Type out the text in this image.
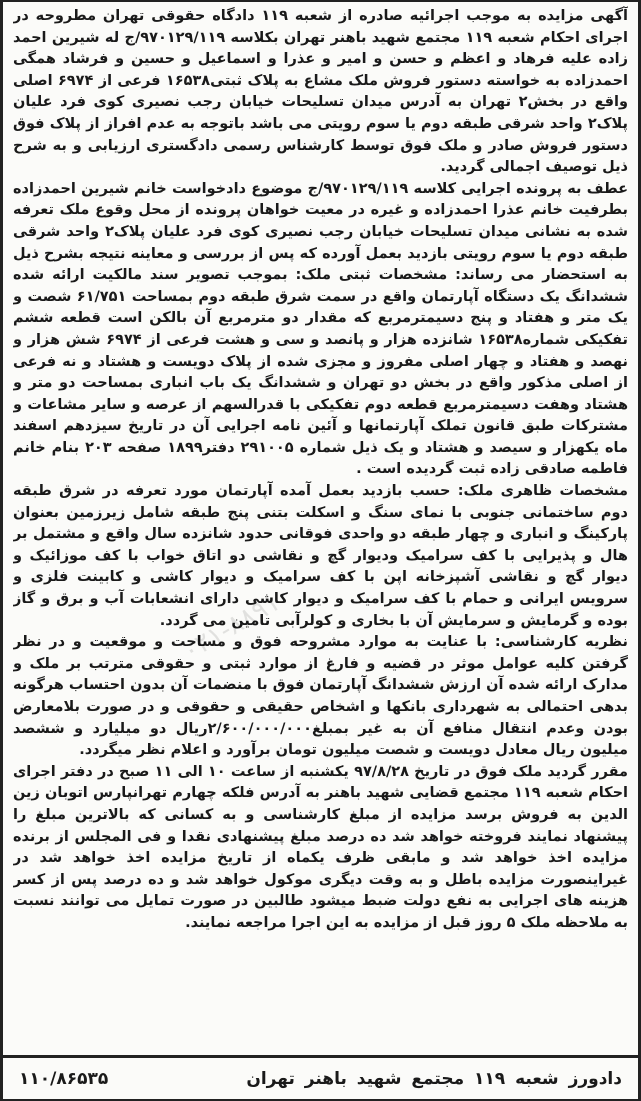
آگهی مزایده به موجب اجرائیه صادره از شعبه ۱۱۹ دادگاه حقوقی تهران مطروحه در اجرای احکام شعبه ۱۱۹ مجتمع شهید باهنر تهران بکلاسه ۹۷۰۱۲۹/۱۱۹/ج له شیرین احمد زاده علیه فرهاد و اعظم و حسن و امیر و عذرا و اسماعیل و حسین و فرشاد همگی احمدزاده به خواسته دستور فروش ملک مشاع به پلاک ثبتی۱۶۵۳۸ فرعی از ۶۹۷۴ اصلی واقع در بخش۲ تهران به آدرس میدان تسلیحات خیابان رجب نصیری کوی فرد علیان پلاک۲ واحد شرقی طبقه دوم یا سوم رویتی می باشد باتوجه به عدم افراز از پلاک فوق دستور فروش صادر و ملک فوق توسط کارشناس رسمی دادگستری ارزیابی و به شرح ذیل توصیف اجمالی گردید.

عطف به پرونده اجرایی کلاسه ۹۷۰۱۲۹/۱۱۹/ج موضوع دادخواست خانم شیرین احمدزاده بطرفیت خانم عذرا احمدزاده و غیره در معیت خواهان پرونده از محل وقوع ملک تعرفه شده به نشانی میدان تسلیحات خیابان رجب نصیری کوی فرد علیان پلاک۲ واحد شرقی طبقه دوم یا سوم رویتی بازدید بعمل آورده که پس از بررسی و معاینه نتیجه بشرح ذیل به استحضار می رساند: مشخصات ثبتی ملک: بموجب تصویر سند مالکیت ارائه شده ششدانگ یک دستگاه آپارتمان واقع در سمت شرق طبقه دوم بمساحت ۶۱/۷۵۱ شصت و یک متر و هفتاد و پنج دسیمترمربع که مقدار دو مترمربع آن بالکن است قطعه ششم تفکیکی شماره۱۶۵۳۸ شانزده هزار و پانصد و سی و هشت فرعی از ۶۹۷۴ شش هزار و نهصد و هفتاد و چهار اصلی مفروز و مجزی شده از پلاک دویست و هشتاد و نه فرعی از اصلی مذکور واقع در بخش دو تهران و ششدانگ یک باب انباری بمساحت دو متر و هشتاد وهفت دسیمترمربع قطعه دوم تفکیکی با قدرالسهم از عرصه و سایر مشاعات و مشترکات طبق قانون تملک آپارتمانها و آئین نامه اجرایی آن در تاریخ سیزدهم اسفند ماه یکهزار و سیصد و هشتاد و یک ذیل شماره ۲۹۱۰۰۵ دفتر۱۸۹۹ صفحه ۲۰۳ بنام خانم فاطمه صادقی زاده ثبت گردیده است .

مشخصات ظاهری ملک: حسب بازدید بعمل آمده آپارتمان مورد تعرفه در شرق طبقه دوم ساختمانی جنوبی با نمای سنگ و اسکلت بتنی پنج طبقه شامل زیرزمین بعنوان پارکینگ و انباری و چهار طبقه دو واحدی فوقانی حدود شانزده سال واقع و مشتمل بر هال و پذیرایی با کف سرامیک ودیوار گچ و نقاشی دو اتاق خواب با کف موزائیک و دیوار گچ و نقاشی آشپزخانه اپن با کف سرامیک و دیوار کاشی و کابینت فلزی و سرویس ایرانی و حمام با کف سرامیک و دیوار کاشی دارای انشعابات آب و برق و گاز بوده و گرمایش و سرمایش آن با بخاری و کولرآبی تامین می گردد.

نظریه کارشناسی: با عنایت به موارد مشروحه فوق و مساحت و موقعیت و در نظر گرفتن کلیه عوامل موثر در قضیه و فارغ از موارد ثبتی و حقوقی مترتب بر ملک و مدارک ارائه شده آن ارزش ششدانگ آپارتمان فوق با منضمات آن بدون احتساب هرگونه بدهی احتمالی به شهرداری بانکها و اشخاص حقیقی و حقوقی و در صورت بلامعارض بودن وعدم انتقال منافع آن به غیر بمبلغ۲/۶۰۰/۰۰۰/۰۰۰ریال دو میلیارد و ششصد میلیون ریال معادل دویست و شصت میلیون تومان برآورد و اعلام نظر میگردد.

مقرر گردید ملک فوق در تاریخ ۹۷/۸/۲۸ یکشنبه از ساعت ۱۰ الی ۱۱ صبح در دفتر اجرای احکام شعبه ۱۱۹ مجتمع قضایی شهید باهنر به آدرس فلکه چهارم تهرانپارس اتوبان زین الدین به فروش برسد مزایده از مبلغ کارشناسی و به کسانی که بالاترین مبلغ را پیشنهاد نمایند فروخته خواهد شد ده درصد مبلغ پیشنهادی نقدا و فی المجلس از برنده مزایده اخذ خواهد شد و مابقی ظرف یکماه از تاریخ مزایده اخذ خواهد شد در غیراینصورت مزایده باطل و به وقت دیگری موکول خواهد شد و ده درصد پس از کسر هزینه های اجرایی به نفع دولت ضبط میشود طالبین در صورت تمایل می توانند نسبت به ملاحظه ملک ۵ روز قبل از مزایده به این اجرا مراجعه نمایند.

۰۲۱-۸۸۹۱
دادورز شعبه ۱۱۹ مجتمع شهید باهنر تهران
۱۱۰/۸۶۵۳۵
